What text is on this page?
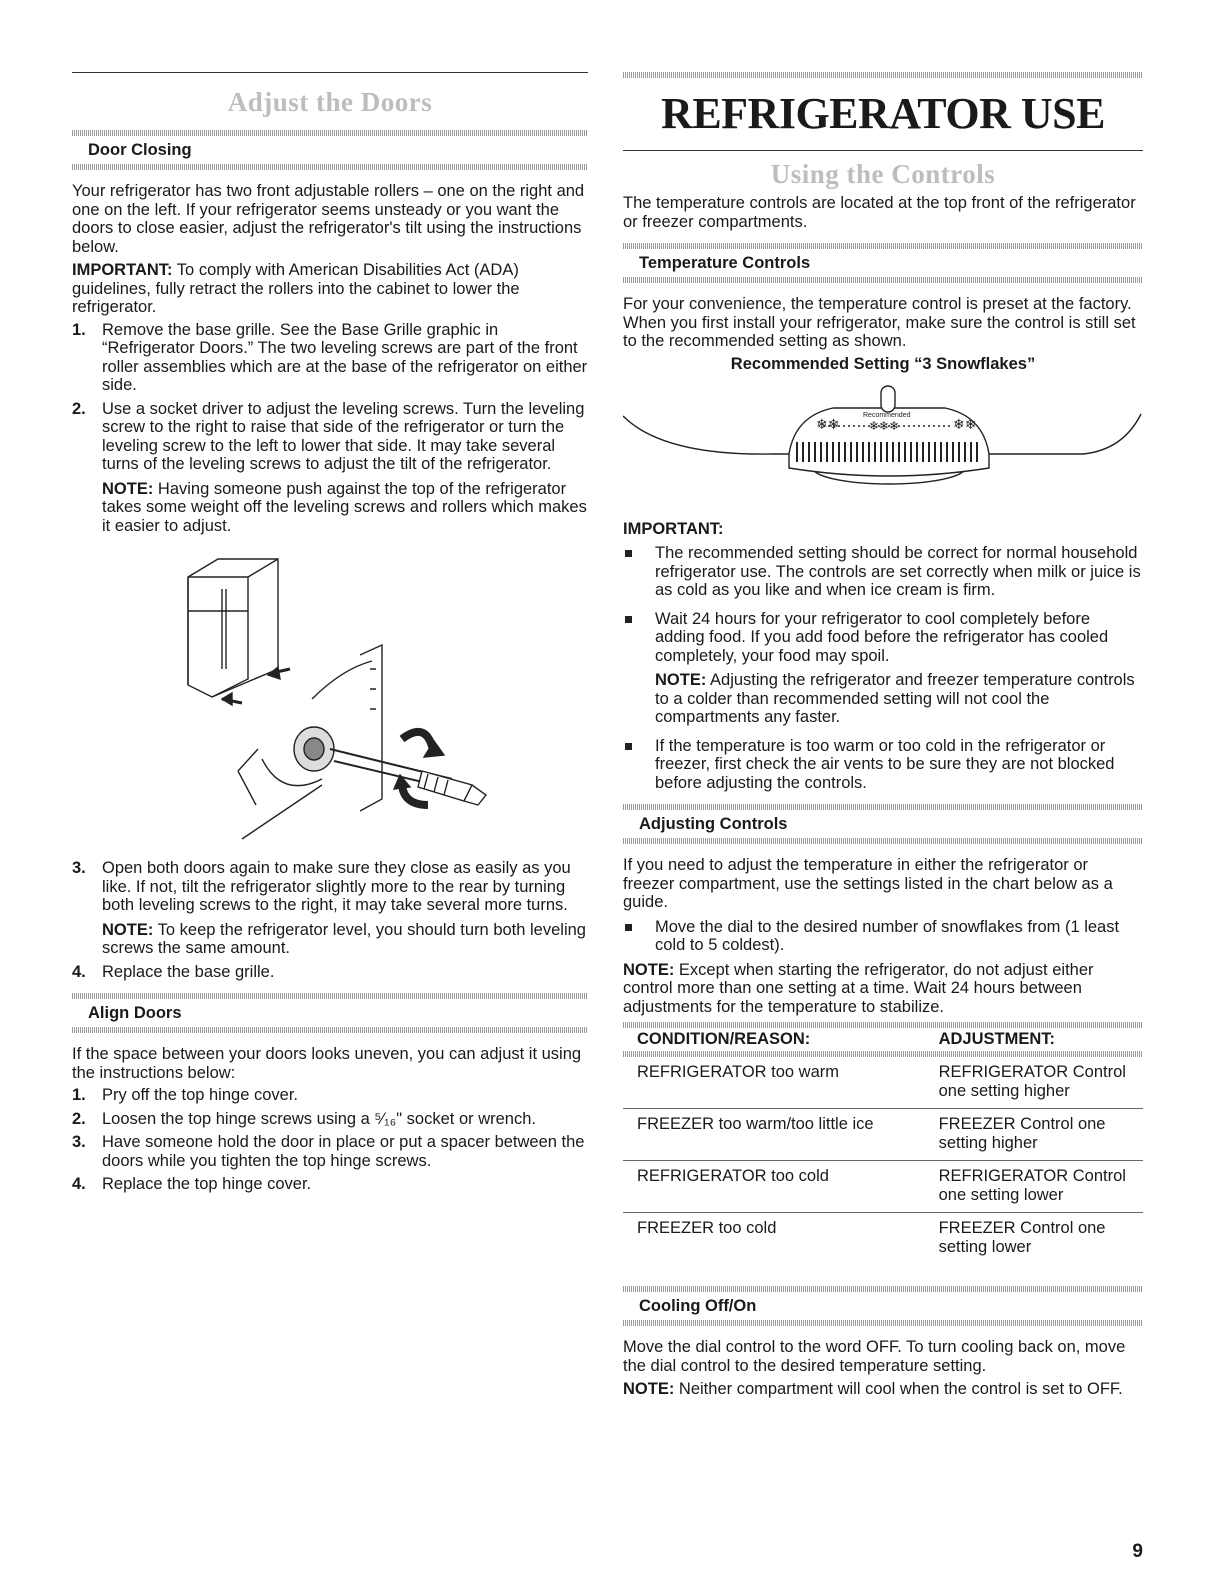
Adjust the Doors
Door Closing

Your refrigerator has two front adjustable rollers – one on the right and one on the left. If your refrigerator seems unsteady or you want the doors to close easier, adjust the refrigerator's tilt using the instructions below.

IMPORTANT: To comply with American Disabilities Act (ADA) guidelines, fully retract the rollers into the cabinet to lower the refrigerator.

1. Remove the base grille. See the Base Grille graphic in “Refrigerator Doors.” The two leveling screws are part of the front roller assemblies which are at the base of the refrigerator on either side.
2. Use a socket driver to adjust the leveling screws. Turn the leveling screw to the right to raise that side of the refrigerator or turn the leveling screw to the left to lower that side. It may take several turns of the leveling screws to adjust the tilt of the refrigerator.

NOTE: Having someone push against the top of the refrigerator takes some weight off the leveling screws and rollers which makes it easier to adjust.

3. Open both doors again to make sure they close as easily as you like. If not, tilt the refrigerator slightly more to the rear by turning both leveling screws to the right, it may take several more turns.

NOTE: To keep the refrigerator level, you should turn both leveling screws the same amount.

4. Replace the base grille.
Align Doors

If the space between your doors looks uneven, you can adjust it using the instructions below:

1. Pry off the top hinge cover.
2. Loosen the top hinge screws using a ⁵⁄₁₆" socket or wrench.
3. Have someone hold the door in place or put a spacer between the doors while you tighten the top hinge screws.
4. Replace the top hinge cover.
REFRIGERATOR USE
Using the Controls

The temperature controls are located at the top front of the refrigerator or freezer compartments.

Temperature Controls

For your convenience, the temperature control is preset at the factory. When you first install your refrigerator, make sure the control is still set to the recommended setting as shown.

Recommended Setting “3 Snowflakes”
❄❄	❄❄
❄❄❄
Recommended

IMPORTANT:

The recommended setting should be correct for normal household refrigerator use. The controls are set correctly when milk or juice is as cold as you like and when ice cream is firm.
Wait 24 hours for your refrigerator to cool completely before adding food. If you add food before the refrigerator has cooled completely, your food may spoil.

NOTE: Adjusting the refrigerator and freezer temperature controls to a colder than recommended setting will not cool the compartments any faster.

If the temperature is too warm or too cold in the refrigerator or freezer, first check the air vents to be sure they are not blocked before adjusting the controls.
Adjusting Controls

If you need to adjust the temperature in either the refrigerator or freezer compartment, use the settings listed in the chart below as a guide.

Move the dial to the desired number of snowflakes from (1 least cold to 5 coldest).

NOTE: Except when starting the refrigerator, do not adjust either control more than one setting at a time. Wait 24 hours between adjustments for the temperature to stabilize.

CONDITION/REASON:	ADJUSTMENT:

REFRIGERATOR too warm	REFRIGERATOR Control one setting higher
FREEZER too warm/too little ice	FREEZER Control one setting higher
REFRIGERATOR too cold	REFRIGERATOR Control one setting lower
FREEZER too cold	FREEZER Control one setting lower
Cooling Off/On

Move the dial control to the word OFF. To turn cooling back on, move the dial control to the desired temperature setting.

NOTE: Neither compartment will cool when the control is set to OFF.

9
